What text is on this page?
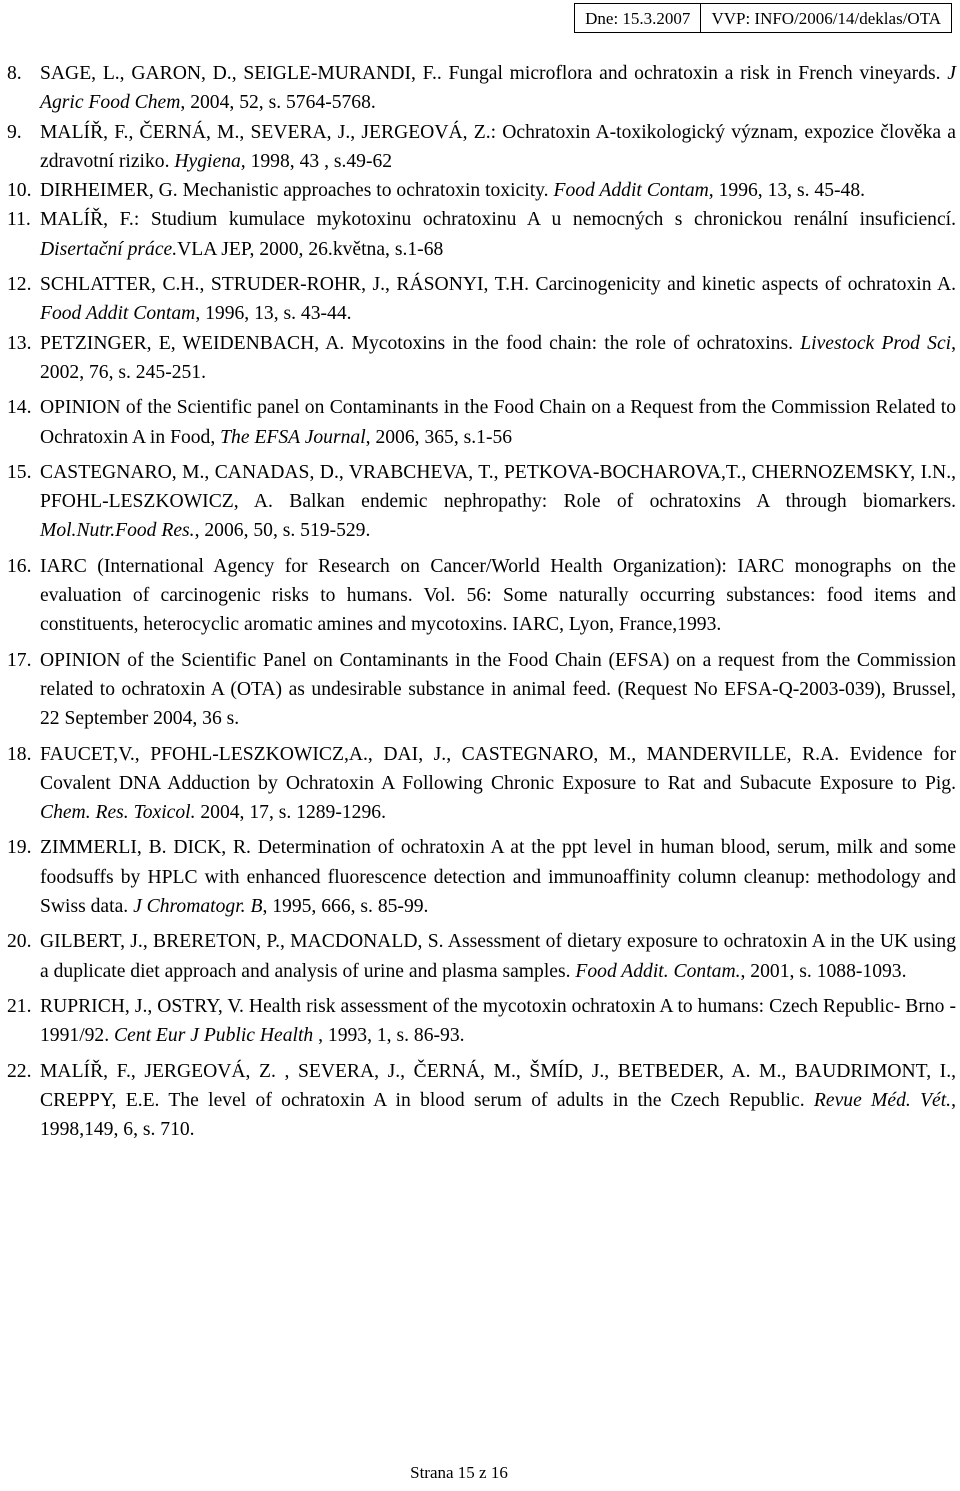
Dne: 15.3.2007	VVP: INFO/2006/14/deklas/OTA
8. SAGE, L., GARON, D., SEIGLE-MURANDI, F.. Fungal microflora and ochratoxin a risk in French vineyards. J Agric Food Chem, 2004, 52, s. 5764-5768.
9. MALÍŘ, F., ČERNÁ, M., SEVERA, J., JERGEOVÁ, Z.: Ochratoxin A-toxikologický význam, expozice člověka a zdravotní riziko. Hygiena, 1998, 43 , s.49-62
10. DIRHEIMER, G. Mechanistic approaches to ochratoxin toxicity. Food Addit Contam, 1996, 13, s. 45-48.
11. MALÍŘ, F.: Studium kumulace mykotoxinu ochratoxinu A u nemocných s chronickou renální insuficiencí. Disertační práce.VLA JEP, 2000, 26.května, s.1-68
12. SCHLATTER, C.H., STRUDER-ROHR, J., RÁSONYI, T.H. Carcinogenicity and kinetic aspects of ochratoxin A. Food Addit Contam, 1996, 13, s. 43-44.
13. PETZINGER, E, WEIDENBACH, A. Mycotoxins in the food chain: the role of ochratoxins. Livestock Prod Sci, 2002, 76, s. 245-251.
14. OPINION of the Scientific panel on Contaminants in the Food Chain on a Request from the Commission Related to Ochratoxin A in Food, The EFSA Journal, 2006, 365, s.1-56
15. CASTEGNARO, M., CANADAS, D., VRABCHEVA, T., PETKOVA-BOCHAROVA,T., CHERNOZEMSKY, I.N., PFOHL-LESZKOWICZ, A. Balkan endemic nephropathy: Role of ochratoxins A through biomarkers. Mol.Nutr.Food Res., 2006, 50, s. 519-529.
16. IARC (International Agency for Research on Cancer/World Health Organization): IARC monographs on the evaluation of carcinogenic risks to humans. Vol. 56: Some naturally occurring substances: food items and constituents, heterocyclic aromatic amines and mycotoxins. IARC, Lyon, France,1993.
17. OPINION of the Scientific Panel on Contaminants in the Food Chain (EFSA) on a request from the Commission related to ochratoxin A (OTA) as undesirable substance in animal feed. (Request No EFSA-Q-2003-039), Brussel, 22 September 2004, 36 s.
18. FAUCET,V., PFOHL-LESZKOWICZ,A., DAI, J., CASTEGNARO, M., MANDERVILLE, R.A. Evidence for Covalent DNA Adduction by Ochratoxin A Following Chronic Exposure to Rat and Subacute Exposure to Pig. Chem. Res. Toxicol. 2004, 17, s. 1289-1296.
19. ZIMMERLI, B. DICK, R. Determination of ochratoxin A at the ppt level in human blood, serum, milk and some foodsuffs by HPLC with enhanced fluorescence detection and immunoaffinity column cleanup: methodology and Swiss data. J Chromatogr. B, 1995, 666, s. 85-99.
20. GILBERT, J., BRERETON, P., MACDONALD, S. Assessment of dietary exposure to ochratoxin A in the UK using a duplicate diet approach and analysis of urine and plasma samples. Food Addit. Contam., 2001, s. 1088-1093.
21. RUPRICH, J., OSTRY, V. Health risk assessment of the mycotoxin ochratoxin A to humans: Czech Republic- Brno - 1991/92. Cent Eur J Public Health , 1993, 1, s. 86-93.
22. MALÍŘ, F., JERGEOVÁ, Z. , SEVERA, J., ČERNÁ, M., ŠMÍD, J., BETBEDER, A. M., BAUDRIMONT, I., CREPPY, E.E. The level of ochratoxin A in blood serum of adults in the Czech Republic. Revue Méd. Vét., 1998,149, 6, s. 710.
Strana 15 z 16
